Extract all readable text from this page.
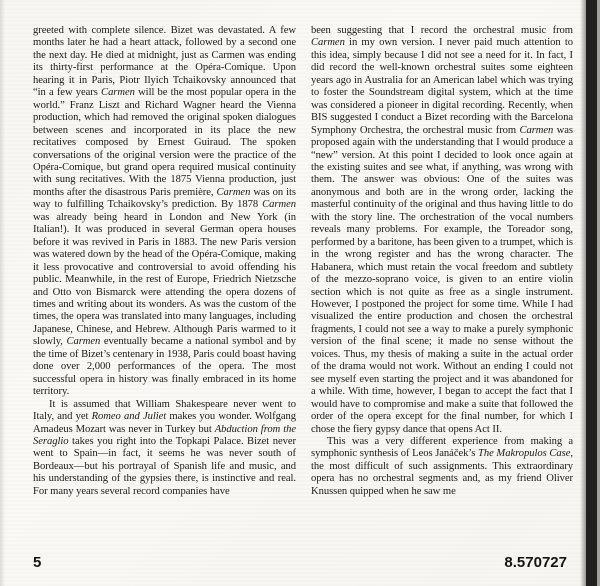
greeted with complete silence. Bizet was devastated. A few months later he had a heart attack, followed by a second one the next day. He died at midnight, just as Carmen was ending its thirty-first performance at the Opéra-Comique. Upon hearing it in Paris, Piotr Ilyich Tchaikovsky announced that “in a few years Carmen will be the most popular opera in the world.” Franz Liszt and Richard Wagner heard the Vienna production, which had removed the original spoken dialogues between scenes and incorporated in its place the new recitatives composed by Ernest Guiraud. The spoken conversations of the original version were the practice of the Opéra-Comique, but grand opera required musical continuity with sung recitatives. With the 1875 Vienna production, just months after the disastrous Paris première, Carmen was on its way to fulfilling Tchaikovsky’s prediction. By 1878 Carmen was already being heard in London and New York (in Italian!). It was produced in several German opera houses before it was revived in Paris in 1883. The new Paris version was watered down by the head of the Opéra-Comique, making it less provocative and controversial to avoid offending his public. Meanwhile, in the rest of Europe, Friedrich Nietzsche and Otto von Bismarck were attending the opera dozens of times and writing about its wonders. As was the custom of the times, the opera was translated into many languages, including Japanese, Chinese, and Hebrew. Although Paris warmed to it slowly, Carmen eventually became a national symbol and by the time of Bizet’s centenary in 1938, Paris could boast having done over 2,000 performances of the opera. The most successful opera in history was finally embraced in its home territory.

It is assumed that William Shakespeare never went to Italy, and yet Romeo and Juliet makes you wonder. Wolfgang Amadeus Mozart was never in Turkey but Abduction from the Seraglio takes you right into the Topkapi Palace. Bizet never went to Spain—in fact, it seems he was never south of Bordeaux—but his portrayal of Spanish life and music, and his understanding of the gypsies there, is instinctive and real. For many years several record companies have

been suggesting that I record the orchestral music from Carmen in my own version. I never paid much attention to this idea, simply because I did not see a need for it. In fact, I did record the well-known orchestral suites some eighteen years ago in Australia for an American label which was trying to foster the Soundstream digital system, which at the time was considered a pioneer in digital recording. Recently, when BIS suggested I conduct a Bizet recording with the Barcelona Symphony Orchestra, the orchestral music from Carmen was proposed again with the understanding that I would produce a “new” version. At this point I decided to look once again at the existing suites and see what, if anything, was wrong with them. The answer was obvious: One of the suites was anonymous and both are in the wrong order, lacking the masterful continuity of the original and thus having little to do with the story line. The orchestration of the vocal numbers reveals many problems. For example, the Toreador song, performed by a baritone, has been given to a trumpet, which is in the wrong register and has the wrong character. The Habanera, which must retain the vocal freedom and subtlety of the mezzo-soprano voice, is given to an entire violin section which is not quite as free as a single instrument. However, I postponed the project for some time. While I had visualized the entire production and chosen the orchestral fragments, I could not see a way to make a purely symphonic version of the final scene; it made no sense without the voices. Thus, my thesis of making a suite in the actual order of the drama would not work. Without an ending I could not see myself even starting the project and it was abandoned for a while. With time, however, I began to accept the fact that I would have to compromise and make a suite that followed the order of the opera except for the final number, for which I chose the fiery gypsy dance that opens Act II.

This was a very different experience from making a symphonic synthesis of Leos Janáček’s The Makropulos Case, the most difficult of such assignments. This extraordinary opera has no orchestral segments and, as my friend Oliver Knussen quipped when he saw me

5	8.570727
